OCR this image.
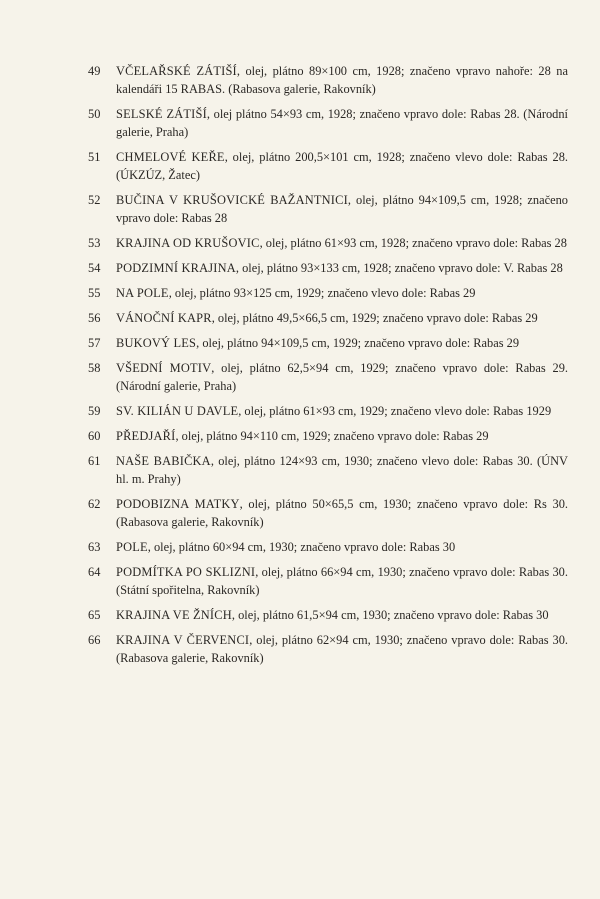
49	VČELAŘSKÉ ZÁTIŠÍ, olej, plátno 89×100 cm, 1928; značeno vpravo nahoře: 28 na kalendáři 15 RABAS. (Rabasova galerie, Rakovník)
50	SELSKÉ ZÁTIŠÍ, olej plátno 54×93 cm, 1928; značeno vpravo dole: Rabas 28. (Národní galerie, Praha)
51	CHMELOVÉ KEŘE, olej, plátno 200,5×101 cm, 1928; značeno vlevo dole: Rabas 28. (ÚKZÚZ, Žatec)
52	BUČINA V KRUŠOVICKÉ BAŽANTNICI, olej, plátno 94×109,5 cm, 1928; značeno vpravo dole: Rabas 28
53	KRAJINA OD KRUŠOVIC, olej, plátno 61×93 cm, 1928; značeno vpravo dole: Rabas 28
54	PODZIMNÍ KRAJINA, olej, plátno 93×133 cm, 1928; značeno vpravo dole: V. Rabas 28
55	NA POLE, olej, plátno 93×125 cm, 1929; značeno vlevo dole: Rabas 29
56	VÁNOČNÍ KAPR, olej, plátno 49,5×66,5 cm, 1929; značeno vpravo dole: Rabas 29
57	BUKOVÝ LES, olej, plátno 94×109,5 cm, 1929; značeno vpravo dole: Rabas 29
58	VŠEDNÍ MOTIV, olej, plátno 62,5×94 cm, 1929; značeno vpravo dole: Rabas 29. (Národní galerie, Praha)
59	SV. KILIÁN U DAVLE, olej, plátno 61×93 cm, 1929; značeno vlevo dole: Rabas 1929
60	PŘEDJAŘÍ, olej, plátno 94×110 cm, 1929; značeno vpravo dole: Rabas 29
61	NAŠE BABIČKA, olej, plátno 124×93 cm, 1930; značeno vlevo dole: Rabas 30. (ÚNV hl. m. Prahy)
62	PODOBIZNA MATKY, olej, plátno 50×65,5 cm, 1930; značeno vpravo dole: Rs 30. (Rabasova galerie, Rakovník)
63	POLE, olej, plátno 60×94 cm, 1930; značeno vpravo dole: Rabas 30
64	PODMÍTKA PO SKLIZNI, olej, plátno 66×94 cm, 1930; značeno vpravo dole: Rabas 30. (Státní spořitelna, Rakovník)
65	KRAJINA VE ŽNÍCH, olej, plátno 61,5×94 cm, 1930; značeno vpravo dole: Rabas 30
66	KRAJINA V ČERVENCI, olej, plátno 62×94 cm, 1930; značeno vpravo dole: Rabas 30. (Rabasova galerie, Rakovník)
